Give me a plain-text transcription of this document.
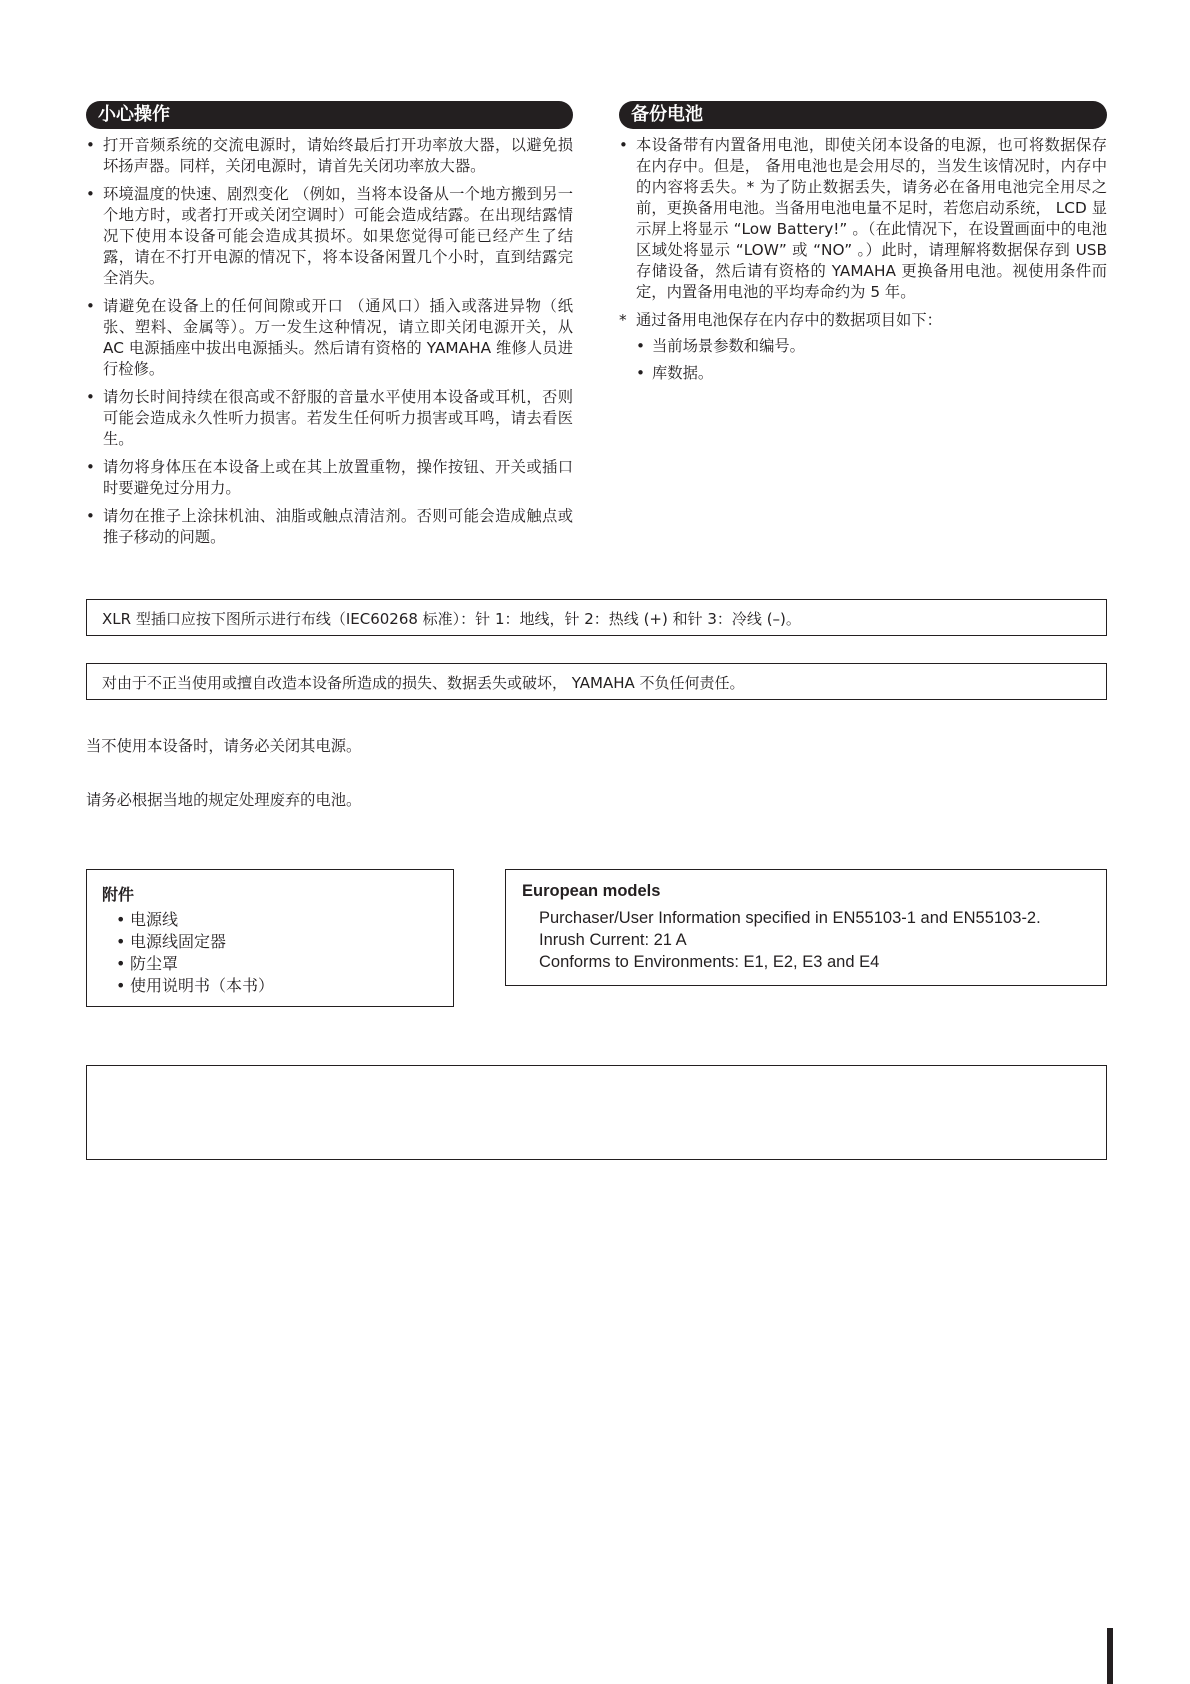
小心操作
• 打开音频系统的交流电源时，请始终最后打开功率放大器，以避免损坏扬声器。同样，关闭电源时，请首先关闭功率放大器。
• 环境温度的快速、剧烈变化 （例如，当将本设备从一个地方搬到另一个地方时，或者打开或关闭空调时）可能会造成结露。在出现结露情况下使用本设备可能会造成其损坏。如果您觉得可能已经产生了结露，请在不打开电源的情况下，将本设备闲置几个小时，直到结露完全消失。
• 请避免在设备上的任何间隙或开口 （通风口）插入或落进异物（纸张、塑料、金属等）。万一发生这种情况，请立即关闭电源开关，从 AC 电源插座中拔出电源插头。然后请有资格的 YAMAHA 维修人员进行检修。
• 请勿长时间持续在很高或不舒服的音量水平使用本设备或耳机，否则可能会造成永久性听力损害。若发生任何听力损害或耳鸣，请去看医生。
• 请勿将身体压在本设备上或在其上放置重物，操作按钮、开关或插口时要避免过分用力。
• 请勿在推子上涂抹机油、油脂或触点清洁剂。否则可能会造成触点或推子移动的问题。
备份电池
• 本设备带有内置备用电池，即使关闭本设备的电源，也可将数据保存在内存中。但是， 备用电池也是会用尽的，当发生该情况时，内存中的内容将丢失。* 为了防止数据丢失，请务必在备用电池完全用尽之前，更换备用电池。当备用电池电量不足时，若您启动系统， LCD 显示屏上将显示 “Low Battery!” 。（在此情况下，在设置画面中的电池区域处将显示 “LOW” 或 “NO” 。）此时，请理解将数据保存到 USB 存储设备，然后请有资格的 YAMAHA 更换备用电池。视使用条件而定，内置备用电池的平均寿命约为 5 年。
* 通过备用电池保存在内存中的数据项目如下：
• 当前场景参数和编号。
• 库数据。
XLR 型插口应按下图所示进行布线（IEC60268 标准）：针 1：地线，针 2：热线 (+) 和针 3：冷线 (–)。
对由于不正当使用或擅自改造本设备所造成的损失、数据丢失或破坏， YAMAHA 不负任何责任。
当不使用本设备时，请务必关闭其电源。
请务必根据当地的规定处理废弃的电池。
附件
• 电源线
• 电源线固定器
• 防尘罩
• 使用说明书（本书）
European models
Purchaser/User Information specified in EN55103-1 and EN55103-2.
Inrush Current: 21 A
Conforms to Environments: E1, E2, E3 and E4
